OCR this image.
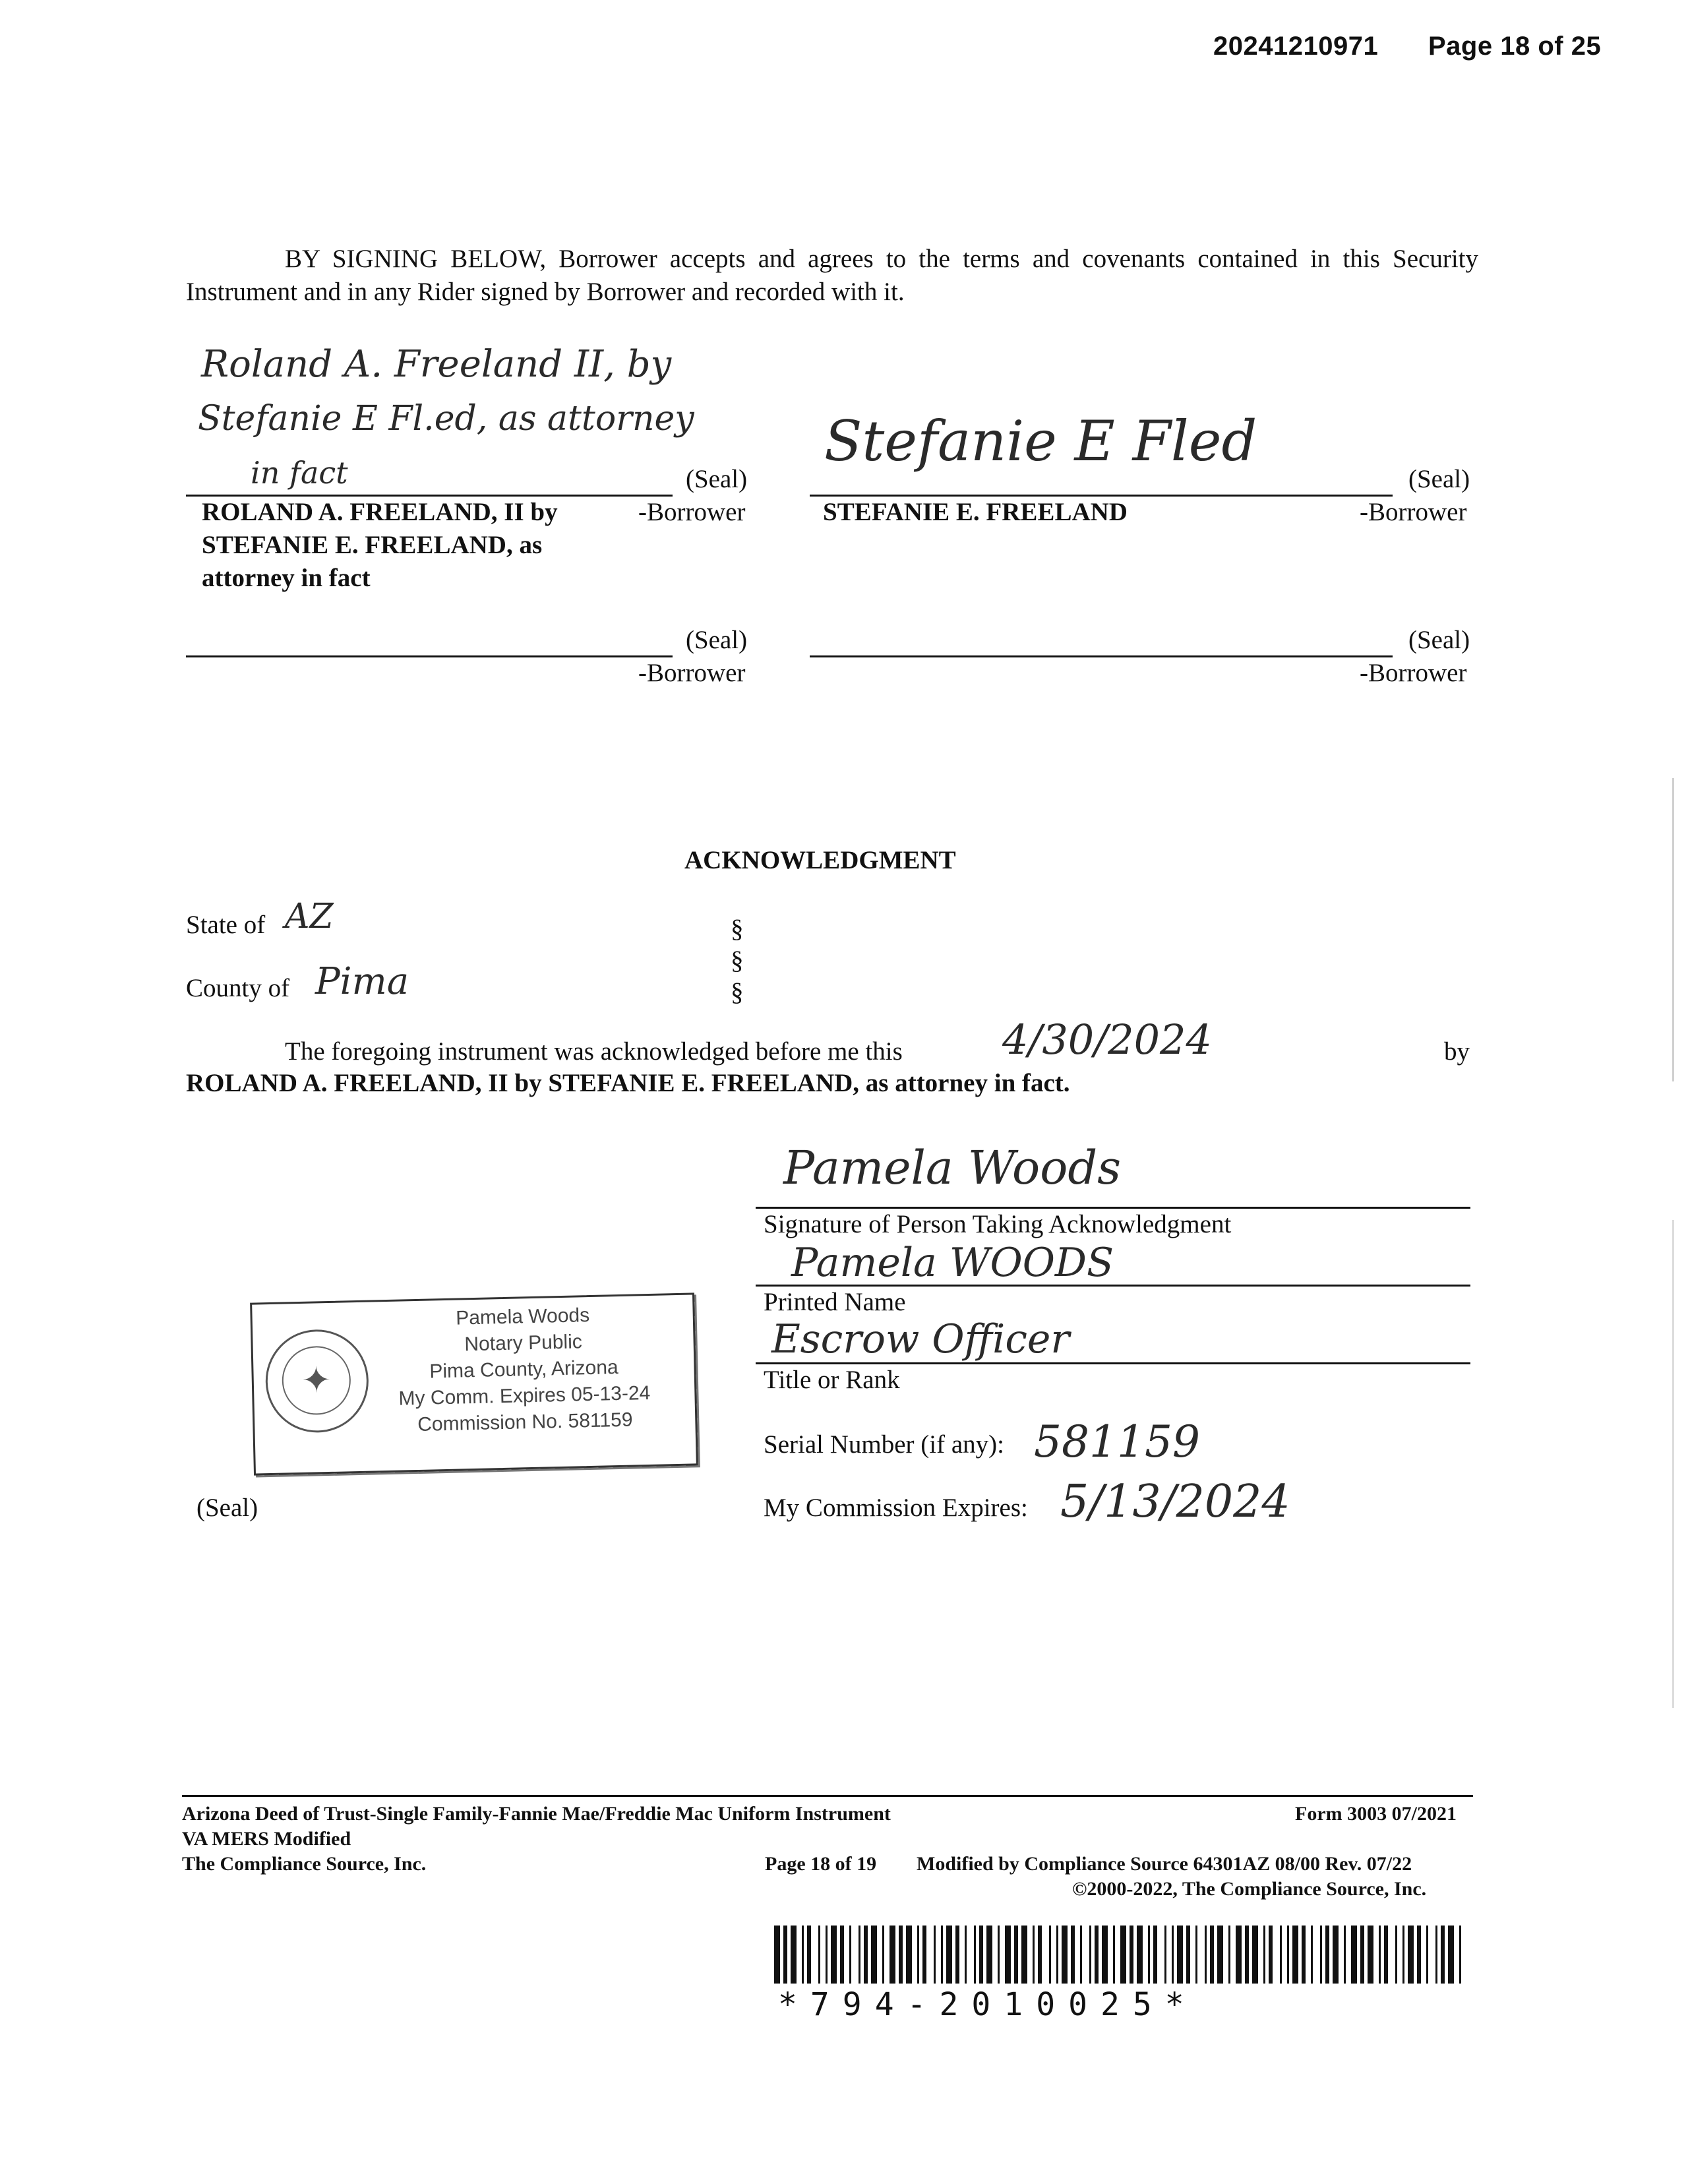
20241210971 Page 18 of 25
BY SIGNING BELOW, Borrower accepts and agrees to the terms and covenants contained in this Security Instrument and in any Rider signed by Borrower and recorded with it.
Roland A. Freeland II, by
Stefanie E Fl.ed, as attorney
in fact	(Seal)
-Borrower
ROLAND A. FREELAND, II by
STEFANIE E. FREELAND, as
attorney in fact
Stefanie E Fled
(Seal)
-Borrower
STEFANIE E. FREELAND
(Seal)
-Borrower
(Seal)
-Borrower
ACKNOWLEDGMENT
State of AZ
County of Pima
§
§
§
The foregoing instrument was acknowledged before me this 4/30/2024	by
ROLAND A. FREELAND, II by STEFANIE E. FREELAND, as attorney in fact.
Pamela Woods
Signature of Person Taking Acknowledgment
Pamela WOODS
Printed Name
Escrow Officer
Title or Rank
Serial Number (if any): 581159
My Commission Expires: 5/13/2024
(Seal)
✦
Pamela Woods
Notary Public
Pima County, Arizona
My Comm. Expires 05-13-24
Commission No. 581159
Arizona Deed of Trust-Single Family-Fannie Mae/Freddie Mac Uniform Instrument
VA MERS Modified
The Compliance Source, Inc.
Form 3003 07/2021
Page 18 of 19 Modified by Compliance Source 64301AZ 08/00 Rev. 07/22
©2000-2022, The Compliance Source, Inc.
*794-2010025*
